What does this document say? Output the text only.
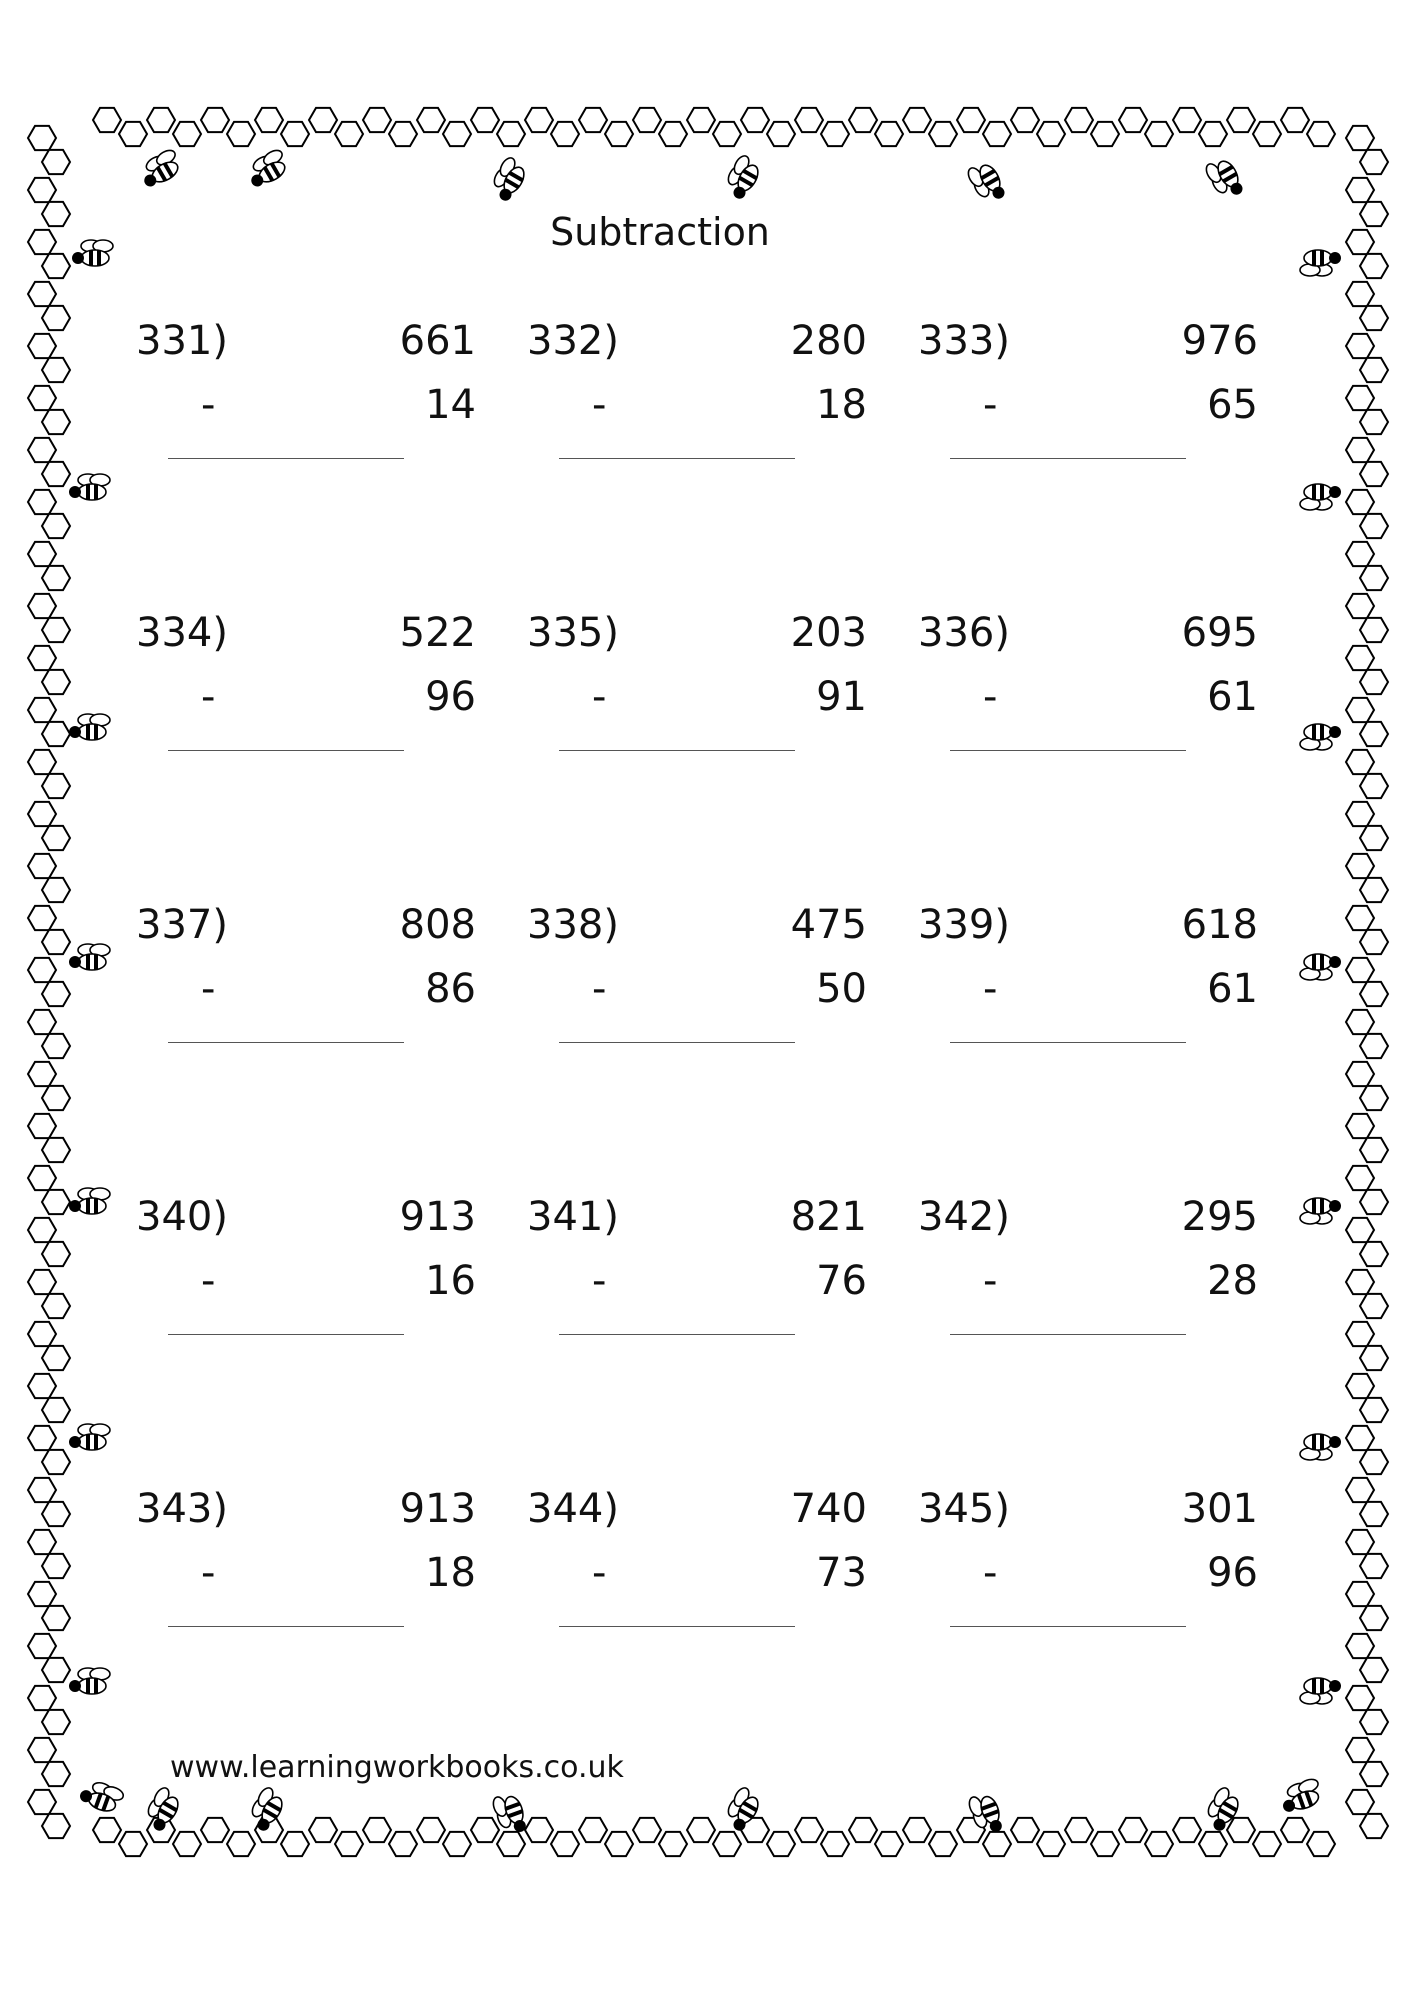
Subtraction
331)	661
-	14
332)	280
-	18
333)	976
-	65
334)	522
-	96
335)	203
-	91
336)	695
-	61
337)	808
-	86
338)	475
-	50
339)	618
-	61
340)	913
-	16
341)	821
-	76
342)	295
-	28
343)	913
-	18
344)	740
-	73
345)	301
-	96
www.learningworkbooks.co.uk
